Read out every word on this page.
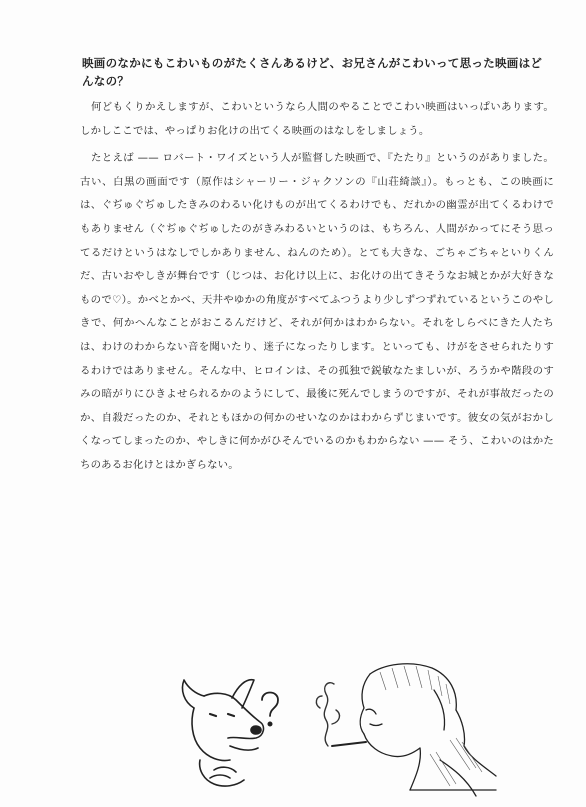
映画のなかにもこわいものがたくさんあるけど、お兄さんがこわいって思った映画はどんなの？

何どもくりかえしますが、こわいというなら人間のやることでこわい映画はいっぱいあります。しかしここでは、やっぱりお化けの出てくる映画のはなしをしましょう。

たとえば —— ロバート・ワイズという人が監督した映画で、『たたり』というのがありました。古い、白黒の画面です（原作はシャーリー・ジャクソンの『山荘綺談』）。もっとも、この映画には、ぐぢゅぐぢゅしたきみのわるい化けものが出てくるわけでも、だれかの幽霊が出てくるわけでもありません（ぐぢゅぐぢゅしたのがきみわるいというのは、もちろん、人間がかってにそう思ってるだけというはなしでしかありません、ねんのため）。とても大きな、ごちゃごちゃといりくんだ、古いおやしきが舞台です（じつは、お化け以上に、お化けの出てきそうなお城とかが大好きなもので♡）。かべとかべ、天井やゆかの角度がすべてふつうより少しずつずれているというこのやしきで、何かへんなことがおこるんだけど、それが何かはわからない。それをしらべにきた人たちは、わけのわからない音を聞いたり、迷子になったりします。といっても、けがをさせられたりするわけではありません。そんな中、ヒロインは、その孤独で鋭敏なたましいが、ろうかや階段のすみの暗がりにひきよせられるかのようにして、最後に死んでしまうのですが、それが事故だったのか、自殺だったのか、それともほかの何かのせいなのかはわからずじまいです。彼女の気がおかしくなってしまったのか、やしきに何かがひそんでいるのかもわからない —— そう、こわいのはかたちのあるお化けとはかぎらない。
